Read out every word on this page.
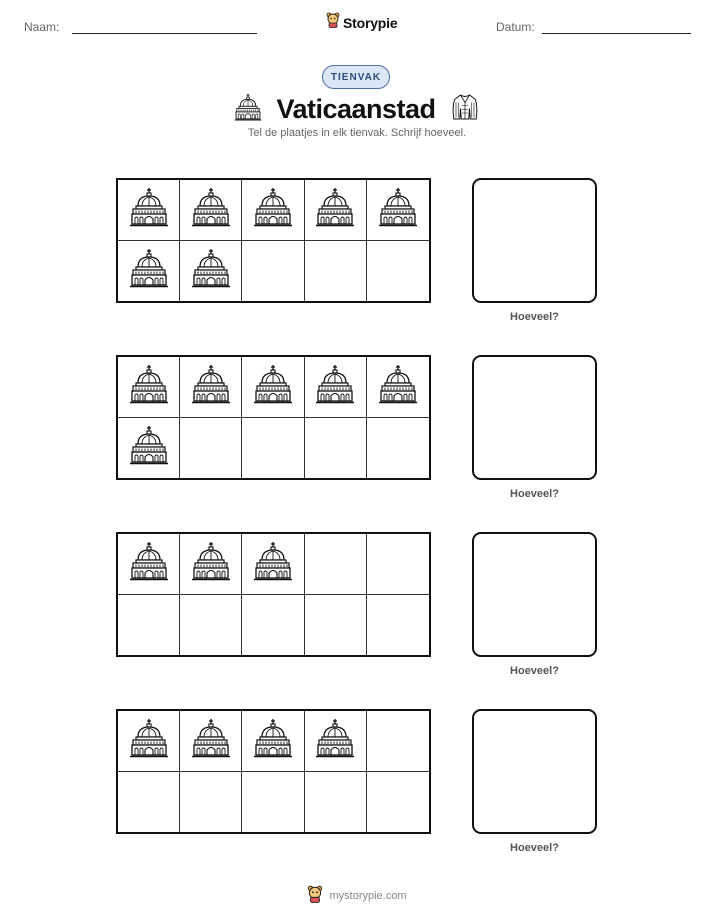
Naam:	Storypie	Datum:
TIENVAK
Vaticaanstad
Tel de plaatjes in elk tienvak. Schrijf hoeveel.
Hoeveel?
Hoeveel?
Hoeveel?
Hoeveel?
mystorypie.com
